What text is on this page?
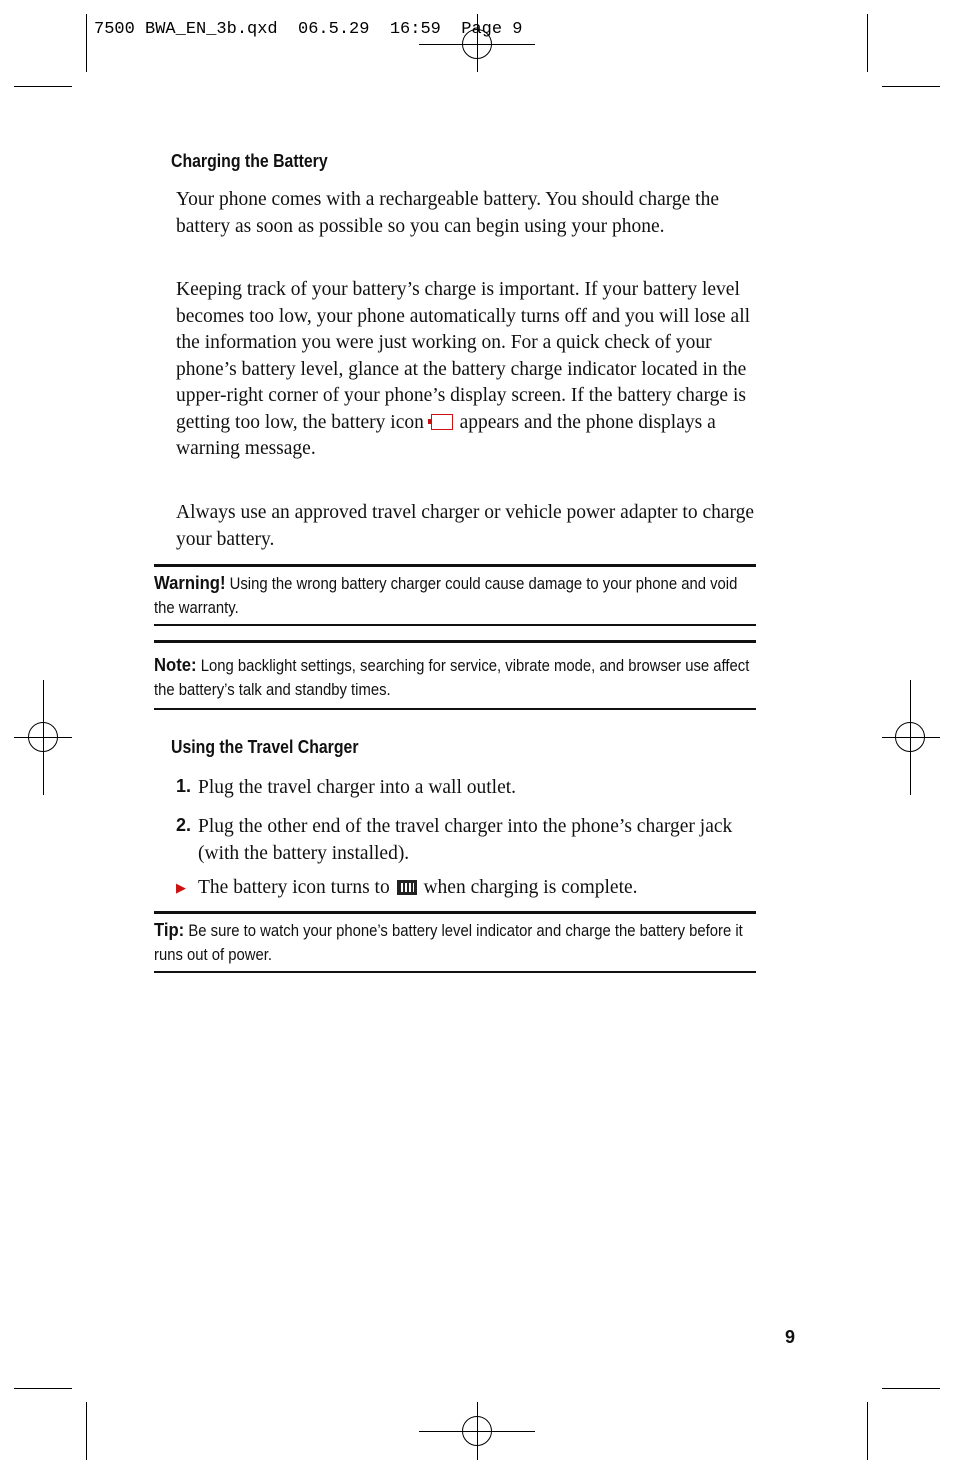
7500 BWA_EN_3b.qxd  06.5.29  16:59  Page 9
Charging the Battery

Your phone comes with a rechargeable battery. You should charge the battery as soon as possible so you can begin using your phone.

Keeping track of your battery’s charge is important. If your battery level becomes too low, your phone automatically turns off and you will lose all the information you were just working on. For a quick check of your phone’s battery level, glance at the battery charge indicator located in the upper-right corner of your phone’s display screen. If the battery charge is getting too low, the battery icon appears and the phone displays a warning message.

Always use an approved travel charger or vehicle power adapter to charge your battery.

Warning! Using the wrong battery charger could cause damage to your phone and void the warranty.
Note: Long backlight settings, searching for service, vibrate mode, and browser use affect the battery’s talk and standby times.
Using the Travel Charger
1. Plug the travel charger into a wall outlet.
2. Plug the other end of the travel charger into the phone’s charger jack (with the battery installed).
▶ The battery icon turns to when charging is complete.
Tip: Be sure to watch your phone’s battery level indicator and charge the battery before it runs out of power.
9
